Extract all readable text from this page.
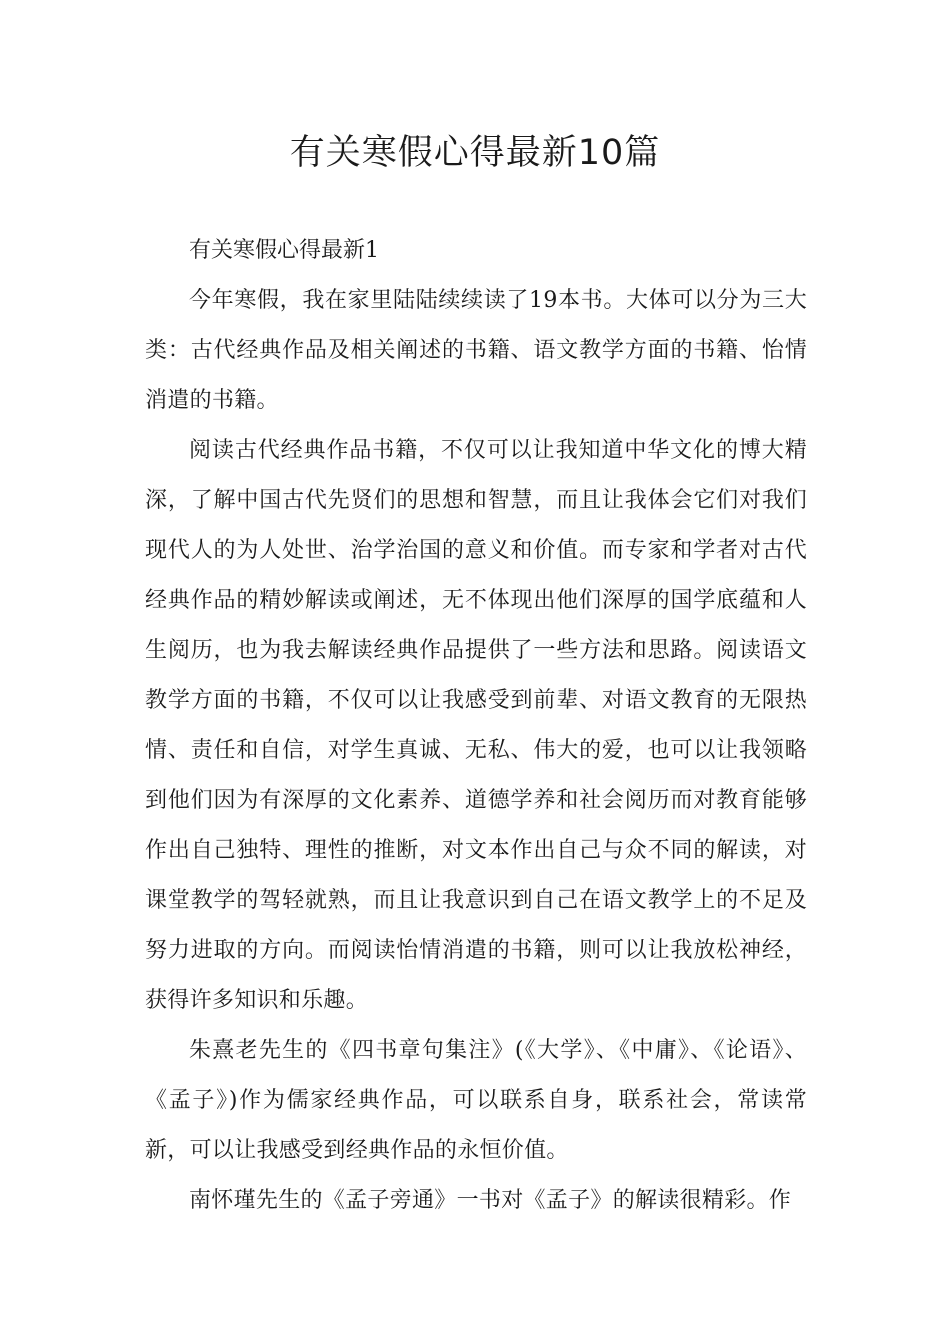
有关寒假心得最新10篇

有关寒假心得最新1

今年寒假，我在家里陆陆续续读了19本书。大体可以分为三大类：古代经典作品及相关阐述的书籍、语文教学方面的书籍、怡情消遣的书籍。

阅读古代经典作品书籍，不仅可以让我知道中华文化的博大精深，了解中国古代先贤们的思想和智慧，而且让我体会它们对我们现代人的为人处世、治学治国的意义和价值。而专家和学者对古代经典作品的精妙解读或阐述，无不体现出他们深厚的国学底蕴和人生阅历，也为我去解读经典作品提供了一些方法和思路。阅读语文教学方面的书籍，不仅可以让我感受到前辈、对语文教育的无限热情、责任和自信，对学生真诚、无私、伟大的爱，也可以让我领略到他们因为有深厚的文化素养、道德学养和社会阅历而对教育能够作出自己独特、理性的推断，对文本作出自己与众不同的解读，对课堂教学的驾轻就熟，而且让我意识到自己在语文教学上的不足及努力进取的方向。而阅读怡情消遣的书籍，则可以让我放松神经，获得许多知识和乐趣。

朱熹老先生的《四书章句集注》(《大学》、《中庸》、《论语》、《孟子》)作为儒家经典作品，可以联系自身，联系社会，常读常新，可以让我感受到经典作品的永恒价值。

南怀瑾先生的《孟子旁通》一书对《孟子》的解读很精彩。作
